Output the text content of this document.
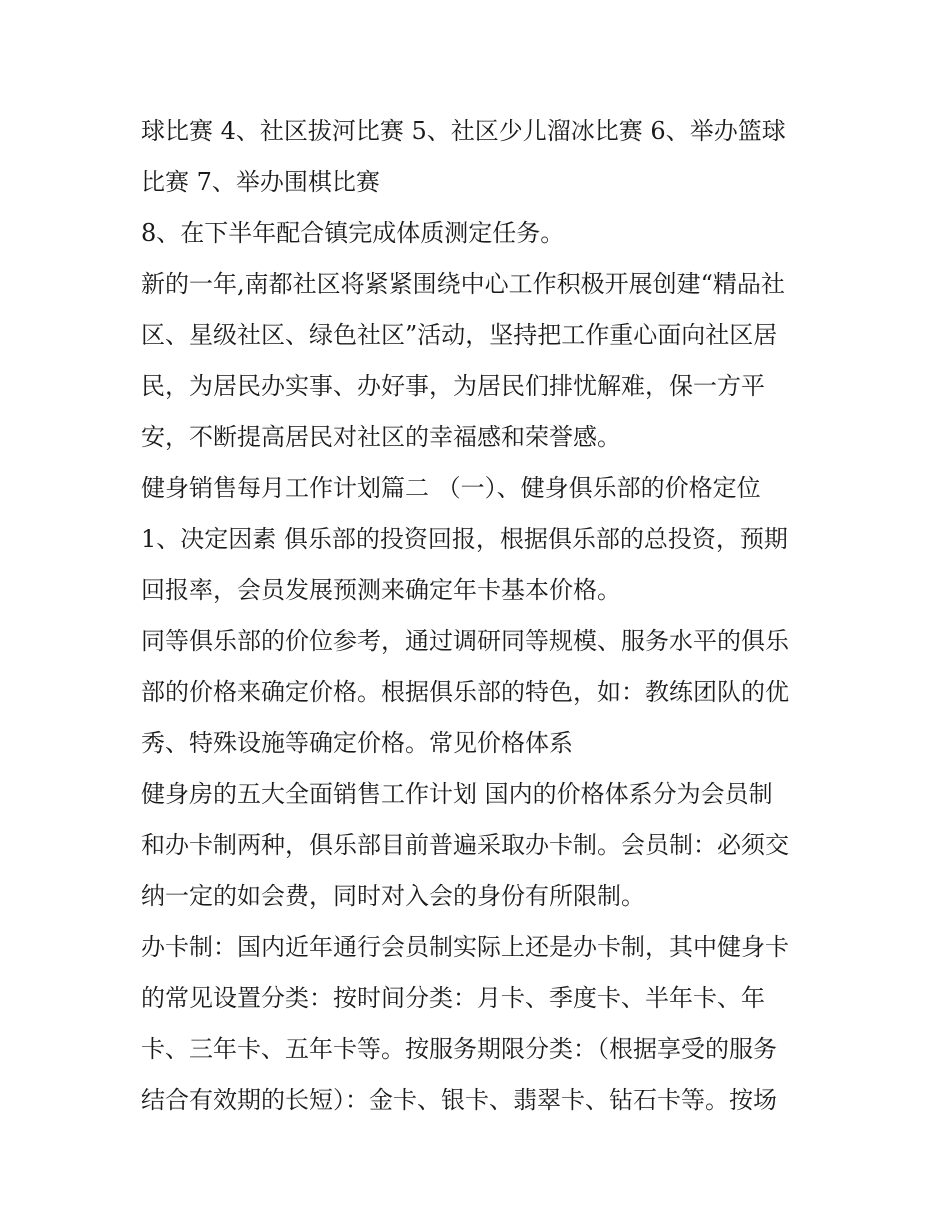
球比赛 4、社区拔河比赛 5、社区少儿溜冰比赛 6、举办篮球
比赛 7、举办围棋比赛

8、在下半年配合镇完成体质测定任务。

新的一年,南都社区将紧紧围绕中心工作积极开展创建“精品社
区、星级社区、绿色社区”活动，坚持把工作重心面向社区居
民，为居民办实事、办好事，为居民们排忧解难，保一方平
安，不断提高居民对社区的幸福感和荣誉感。

健身销售每月工作计划篇二 （一）、健身俱乐部的价格定位

1、决定因素 俱乐部的投资回报，根据俱乐部的总投资，预期
回报率，会员发展预测来确定年卡基本价格。

同等俱乐部的价位参考，通过调研同等规模、服务水平的俱乐
部的价格来确定价格。根据俱乐部的特色，如：教练团队的优
秀、特殊设施等确定价格。常见价格体系

健身房的五大全面销售工作计划 国内的价格体系分为会员制
和办卡制两种，俱乐部目前普遍采取办卡制。会员制：必须交
纳一定的如会费，同时对入会的身份有所限制。

办卡制：国内近年通行会员制实际上还是办卡制，其中健身卡
的常见设置分类：按时间分类：月卡、季度卡、半年卡、年
卡、三年卡、五年卡等。按服务期限分类：（根据享受的服务
结合有效期的长短）：金卡、银卡、翡翠卡、钻石卡等。按场
